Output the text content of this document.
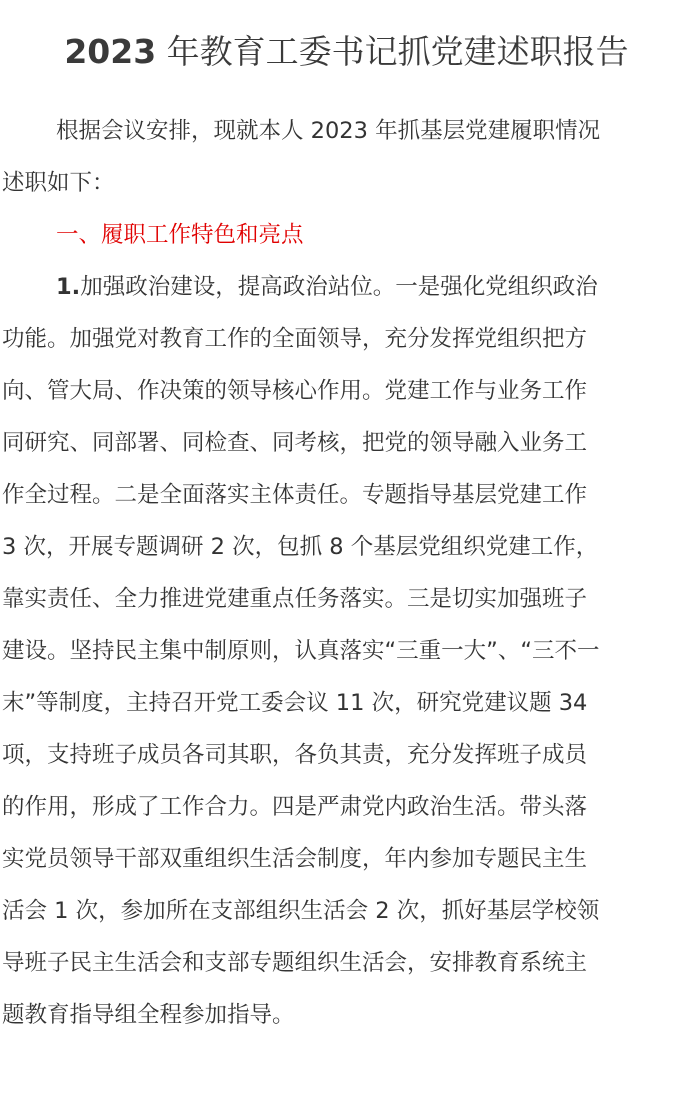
2023 年教育工委书记抓党建述职报告
根据会议安排，现就本人 2023 年抓基层党建履职情况
述职如下：
一、履职工作特色和亮点
1.加强政治建设，提高政治站位。一是强化党组织政治
功能。加强党对教育工作的全面领导，充分发挥党组织把方
向、管大局、作决策的领导核心作用。党建工作与业务工作
同研究、同部署、同检查、同考核，把党的领导融入业务工
作全过程。二是全面落实主体责任。专题指导基层党建工作
3 次，开展专题调研 2 次，包抓 8 个基层党组织党建工作，
靠实责任、全力推进党建重点任务落实。三是切实加强班子
建设。坚持民主集中制原则，认真落实“三重一大”、“三不一
末”等制度，主持召开党工委会议 11 次，研究党建议题 34
项，支持班子成员各司其职，各负其责，充分发挥班子成员
的作用，形成了工作合力。四是严肃党内政治生活。带头落
实党员领导干部双重组织生活会制度，年内参加专题民主生
活会 1 次，参加所在支部组织生活会 2 次，抓好基层学校领
导班子民主生活会和支部专题组织生活会，安排教育系统主
题教育指导组全程参加指导。
